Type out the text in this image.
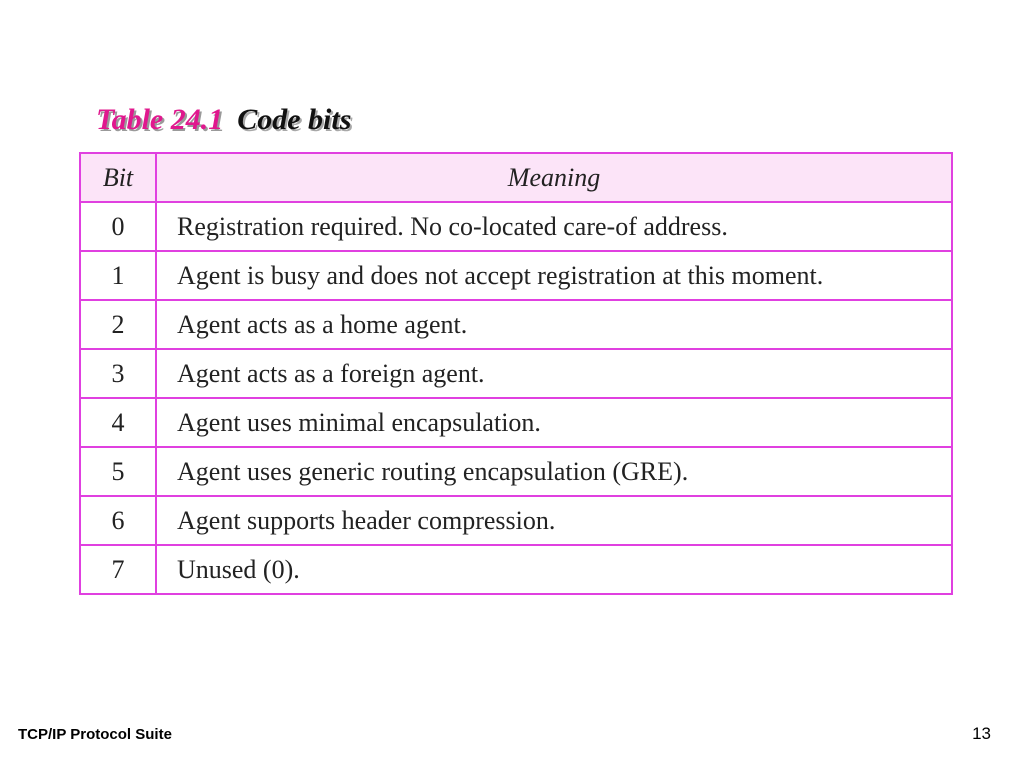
Table 24.1 Code bits
Bit	Meaning
0	Registration required. No co-located care-of address.
1	Agent is busy and does not accept registration at this moment.
2	Agent acts as a home agent.
3	Agent acts as a foreign agent.
4	Agent uses minimal encapsulation.
5	Agent uses generic routing encapsulation (GRE).
6	Agent supports header compression.
7	Unused (0).
TCP/IP Protocol Suite	13
